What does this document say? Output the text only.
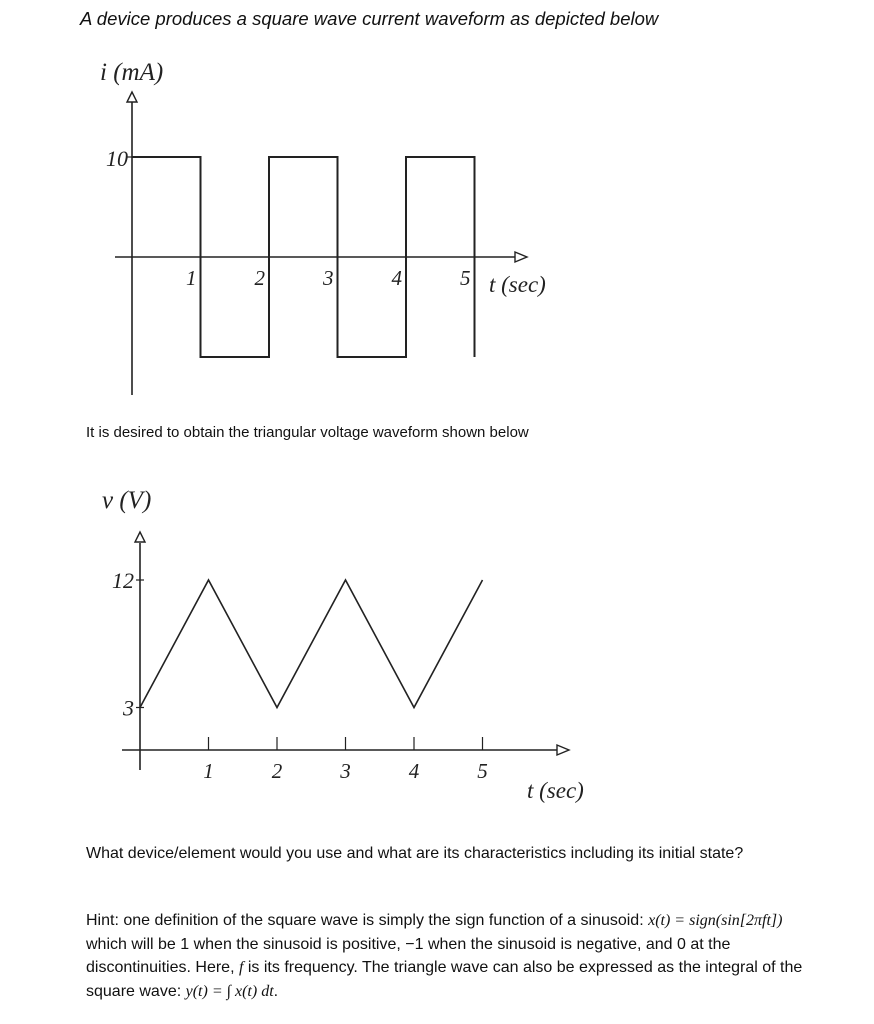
A device produces a square wave current waveform as depicted below
i (mA)
t (sec)
10
1	2	3	4	5
It is desired to obtain the triangular voltage waveform shown below
v (V)
t (sec)
12
3
1	2	3	4	5
What device/element would you use and what are its characteristics including its initial state?
Hint: one definition of the square wave is simply the sign function of a sinusoid: x(t) = sign(sin[2πft]) which will be 1 when the sinusoid is positive, −1 when the sinusoid is negative, and 0 at the discontinuities. Here, f is its frequency. The triangle wave can also be expressed as the integral of the square wave: y(t) = ∫ x(t) dt.
